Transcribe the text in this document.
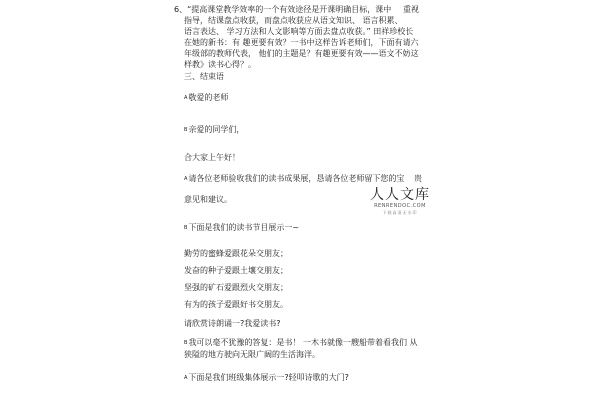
6、“提高课堂教学效率的一个有效途径是开课明确目标，课中 重视
指导，结课盘点收获，而盘点收获应从语文知识、 语言积累、
语言表达、 学习方法和人文影响等方面去盘点收获。” 田祥珍校长
在她的新书：有 趣更要有效？一书中这样告诉老师们，下面有请六
年级部的教师代表， 他们的主题是？有趣更要有效——语文不妨这
样教》读书心得？。
三、结束语
A敬爱的老师
B亲爱的同学们，
合大家上午好！
A请各位老师验收我们的读书成果展，恳请各位老师留下您的宝 贵
意见和建议。
B下面是我们的读书节目展示一~
勤劳的蜜蜂爱跟花朵交朋友；
发奋的种子爱跟土壤交朋友；
坚强的矿石爱跟烈火交朋友；
有为的孩子爱跟好书交朋友。
请欣赏诗朗诵一?我爱读书?
B我可以毫不犹豫的答复：是书！ 一木书就像一艘船带着看我们 从
狭隘的地方驶向无限广阔的生活海洋。
A下面是我们班级集体展示一?轻叩诗歌的大门?
人人文库
RENRENDOC.COM
下载高清无水印
